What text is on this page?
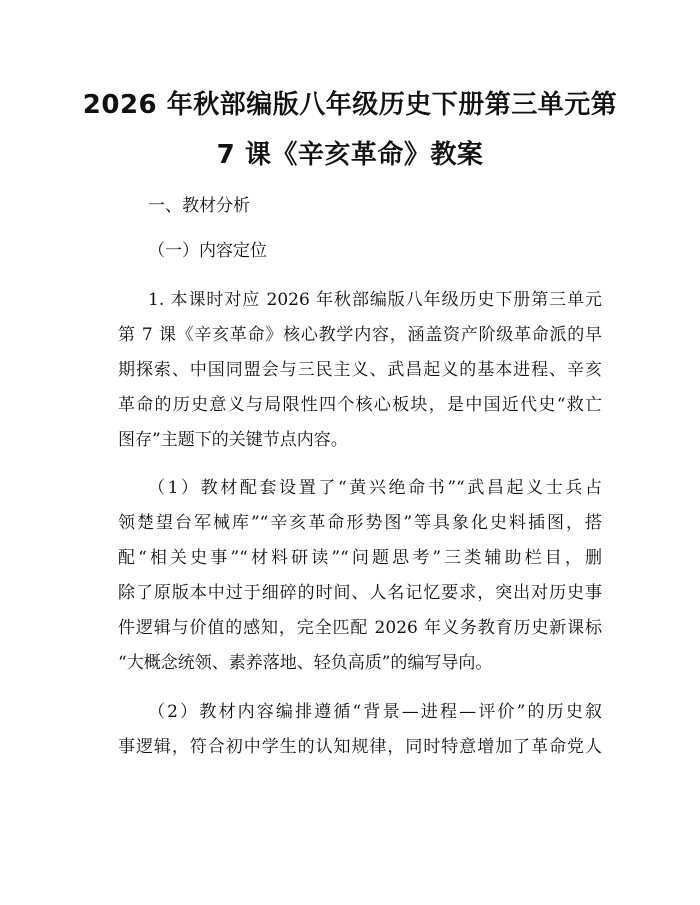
2026 年秋部编版八年级历史下册第三单元第
7 课《辛亥革命》教案
一、教材分析
（一）内容定位
1. 本课时对应 2026 年秋部编版八年级历史下册第三单元
第 7 课《辛亥革命》核心教学内容，涵盖资产阶级革命派的早
期探索、中国同盟会与三民主义、武昌起义的基本进程、辛亥
革命的历史意义与局限性四个核心板块，是中国近代史“救亡
图存”主题下的关键节点内容。
（1）教材配套设置了“黄兴绝命书”“武昌起义士兵占
领楚望台军械库”“辛亥革命形势图”等具象化史料插图，搭
配“相关史事”“材料研读”“问题思考”三类辅助栏目，删
除了原版本中过于细碎的时间、人名记忆要求，突出对历史事
件逻辑与价值的感知，完全匹配 2026 年义务教育历史新课标
“大概念统领、素养落地、轻负高质”的编写导向。
（2）教材内容编排遵循“背景—进程—评价”的历史叙
事逻辑，符合初中学生的认知规律，同时特意增加了革命党人
